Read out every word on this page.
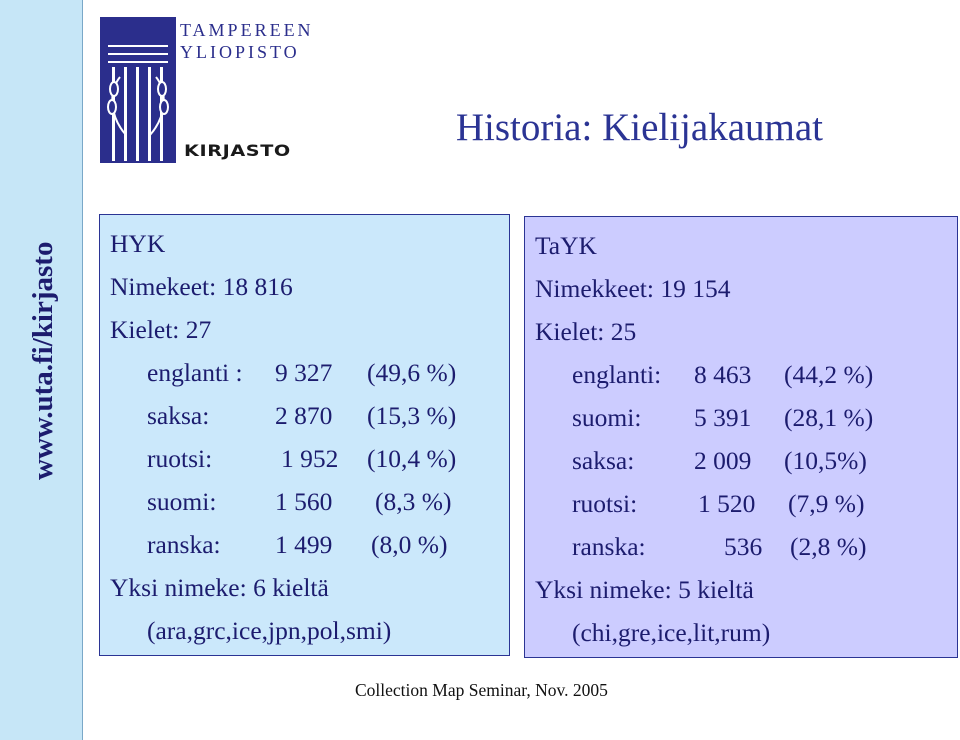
www.uta.fi/kirjasto
TAMPEREEN
YLIOPISTO
KIRJASTO
Historia: Kielijakaumat
HYK
Nimekeet: 18 816
Kielet: 27
englanti : 9 327 (49,6 %)
saksa:	2 870 (15,3 %)
ruotsi:	1 952 (10,4 %)
suomi: 1 560 (8,3 %)
ranska: 1 499 (8,0 %)
Yksi nimeke: 6 kieltä
(ara,grc,ice,jpn,pol,smi)
TaYK
Nimekkeet: 19 154
Kielet: 25
englanti: 8 463 (44,2 %)
suomi: 5 391 (28,1 %)
saksa: 2 009 (10,5%)
ruotsi: 1 520 (7,9 %)
ranska:	536 (2,8 %)
Yksi nimeke: 5 kieltä
(chi,gre,ice,lit,rum)
Collection Map Seminar, Nov. 2005
